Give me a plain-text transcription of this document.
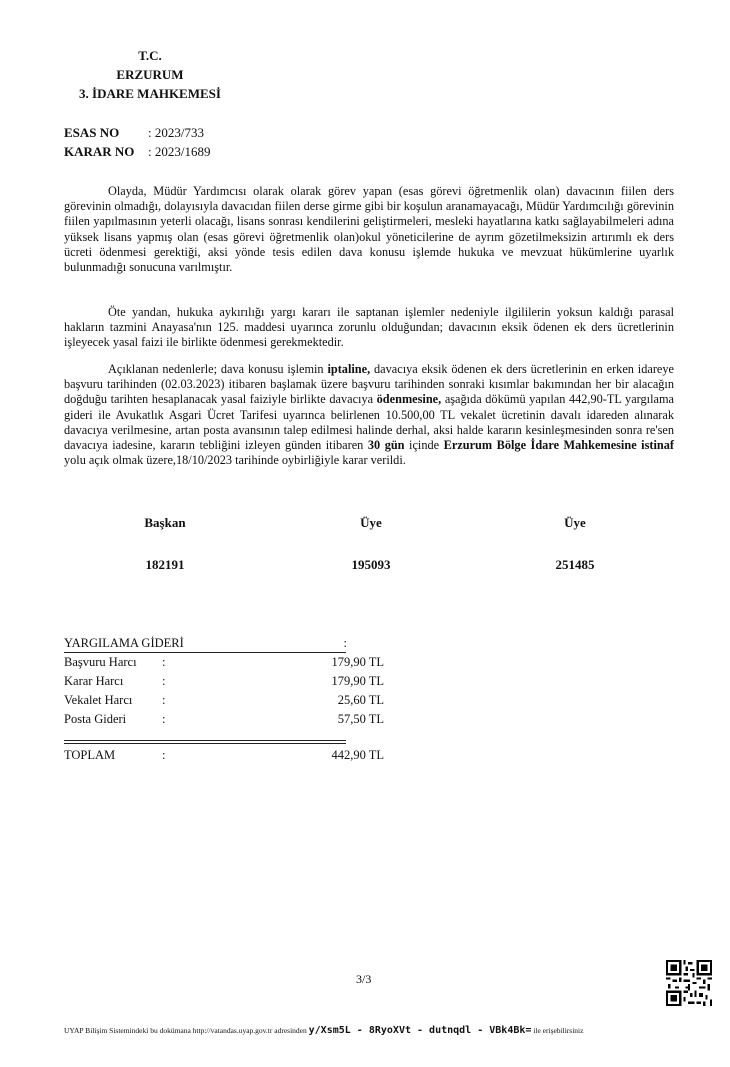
T.C.
ERZURUM
3. İDARE MAHKEMESİ
ESAS NO : 2023/733
KARAR NO : 2023/1689
Olayda, Müdür Yardımcısı olarak olarak görev yapan (esas görevi öğretmenlik olan) davacının fiilen ders görevinin olmadığı, dolayısıyla davacıdan fiilen derse girme gibi bir koşulun aranamayacağı, Müdür Yardımcılığı görevinin fiilen yapılmasının yeterli olacağı, lisans sonrası kendilerini geliştirmeleri, mesleki hayatlarına katkı sağlayabilmeleri adına yüksek lisans yapmış olan (esas görevi öğretmenlik olan)okul yöneticilerine de ayrım gözetilmeksizin artırımlı ek ders ücreti ödenmesi gerektiği, aksi yönde tesis edilen dava konusu işlemde hukuka ve mevzuat hükümlerine uyarlık bulunmadığı sonucuna varılmıştır.
Öte yandan, hukuka aykırılığı yargı kararı ile saptanan işlemler nedeniyle ilgililerin yoksun kaldığı parasal hakların tazmini Anayasa'nın 125. maddesi uyarınca zorunlu olduğundan; davacının eksik ödenen ek ders ücretlerinin işleyecek yasal faizi ile birlikte ödenmesi gerekmektedir.
Açıklanan nedenlerle; dava konusu işlemin iptaline, davacıya eksik ödenen ek ders ücretlerinin en erken idareye başvuru tarihinden (02.03.2023) itibaren başlamak üzere başvuru tarihinden sonraki kısımlar bakımından her bir alacağın doğduğu tarihten hesaplanacak yasal faiziyle birlikte davacıya ödenmesine, aşağıda dökümü yapılan 442,90-TL yargılama gideri ile Avukatlık Asgari Ücret Tarifesi uyarınca belirlenen 10.500,00 TL vekalet ücretinin davalı idareden alınarak davacıya verilmesine, artan posta avansının talep edilmesi halinde derhal, aksi halde kararın kesinleşmesinden sonra re'sen davacıya iadesine, kararın tebliğini izleyen günden itibaren 30 gün içinde Erzurum Bölge İdare Mahkemesine istinaf yolu açık olmak üzere,18/10/2023 tarihinde oybirliğiyle karar verildi.
Başkan	Üye	Üye
182191	195093	251485
YARGILAMA GİDERİ	:
Başvuru Harcı :	179,90 TL
Karar Harcı	:	179,90 TL
Vekalet Harcı :	25,60 TL
Posta Gideri	:	57,50 TL
TOPLAM	:	442,90 TL
3/3
UYAP Bilişim Sistemindeki bu dokümana http://vatandas.uyap.gov.tr adresinden y/Xsm5L - 8RyoXVt - dutnqdl - VBk4Bk= ile erişebilirsiniz
